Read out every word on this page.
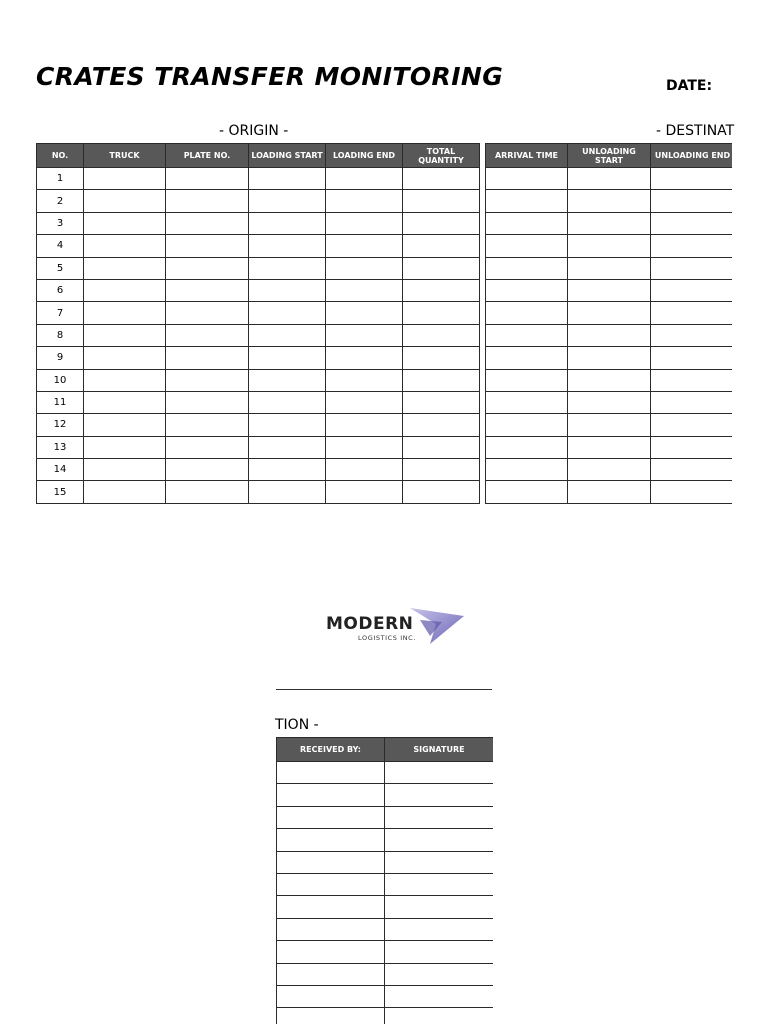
CRATES TRANSFER MONITORING	DATE:
- ORIGIN -	- DESTINAT
NO.	TRUCK	PLATE NO.	LOADING START	LOADING END	TOTAL QUANTITY
1					
2					
3					
4					
5					
6					
7					
8					
9					
10					
11					
12					
13					
14					
15					
ARRIVAL TIME	UNLOADING START	UNLOADING END

MODERN
LOGISTICS INC.
TION -
RECEIVED BY:	SIGNATURE
